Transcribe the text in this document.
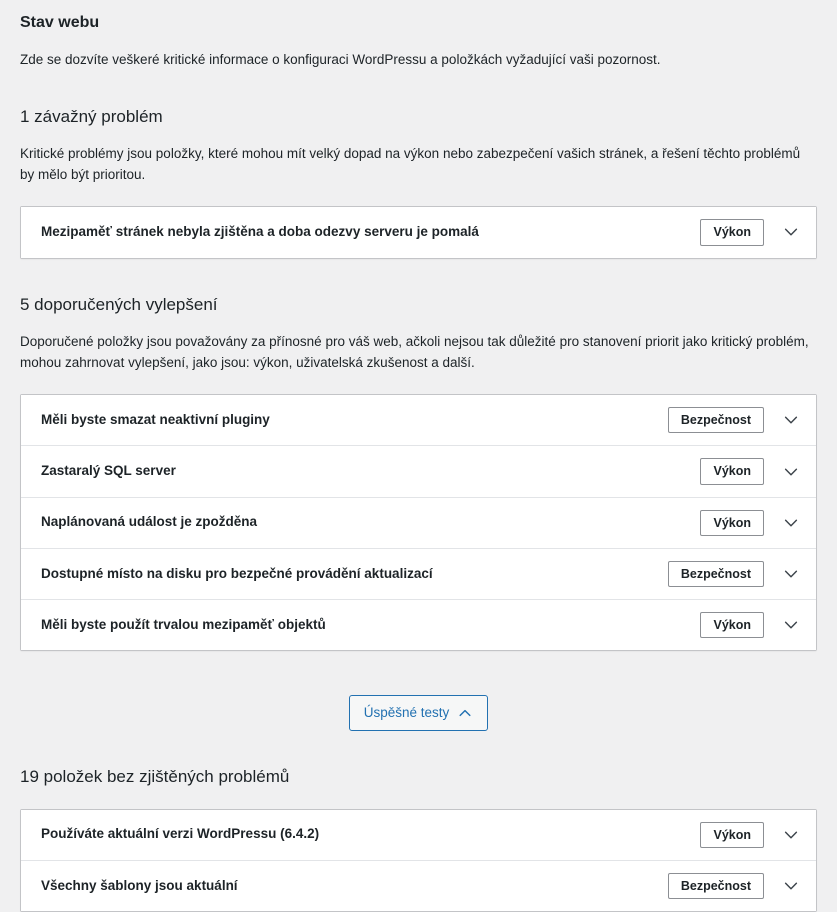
Stav webu

Zde se dozvíte veškeré kritické informace o konfiguraci WordPressu a položkách vyžadující vaši pozornost.

1 závažný problém

Kritické problémy jsou položky, které mohou mít velký dopad na výkon nebo zabezpečení vašich stránek, a řešení těchto problémů by mělo být prioritou.

Mezipaměť stránek nebyla zjištěna a doba odezvy serveru je pomalá	Výkon
5 doporučených vylepšení

Doporučené položky jsou považovány za přínosné pro váš web, ačkoli nejsou tak důležité pro stanovení priorit jako kritický problém, mohou zahrnovat vylepšení, jako jsou: výkon, uživatelská zkušenost a další.

Měli byste smazat neaktivní pluginy	Bezpečnost
Zastaralý SQL server	Výkon
Naplánovaná událost je zpožděna	Výkon
Dostupné místo na disku pro bezpečné provádění aktualizací	Bezpečnost
Měli byste použít trvalou mezipaměť objektů	Výkon
Úspěšné testy
19 položek bez zjištěných problémů
Používáte aktuální verzi WordPressu (6.4.2)	Výkon
Všechny šablony jsou aktuální	Bezpečnost
